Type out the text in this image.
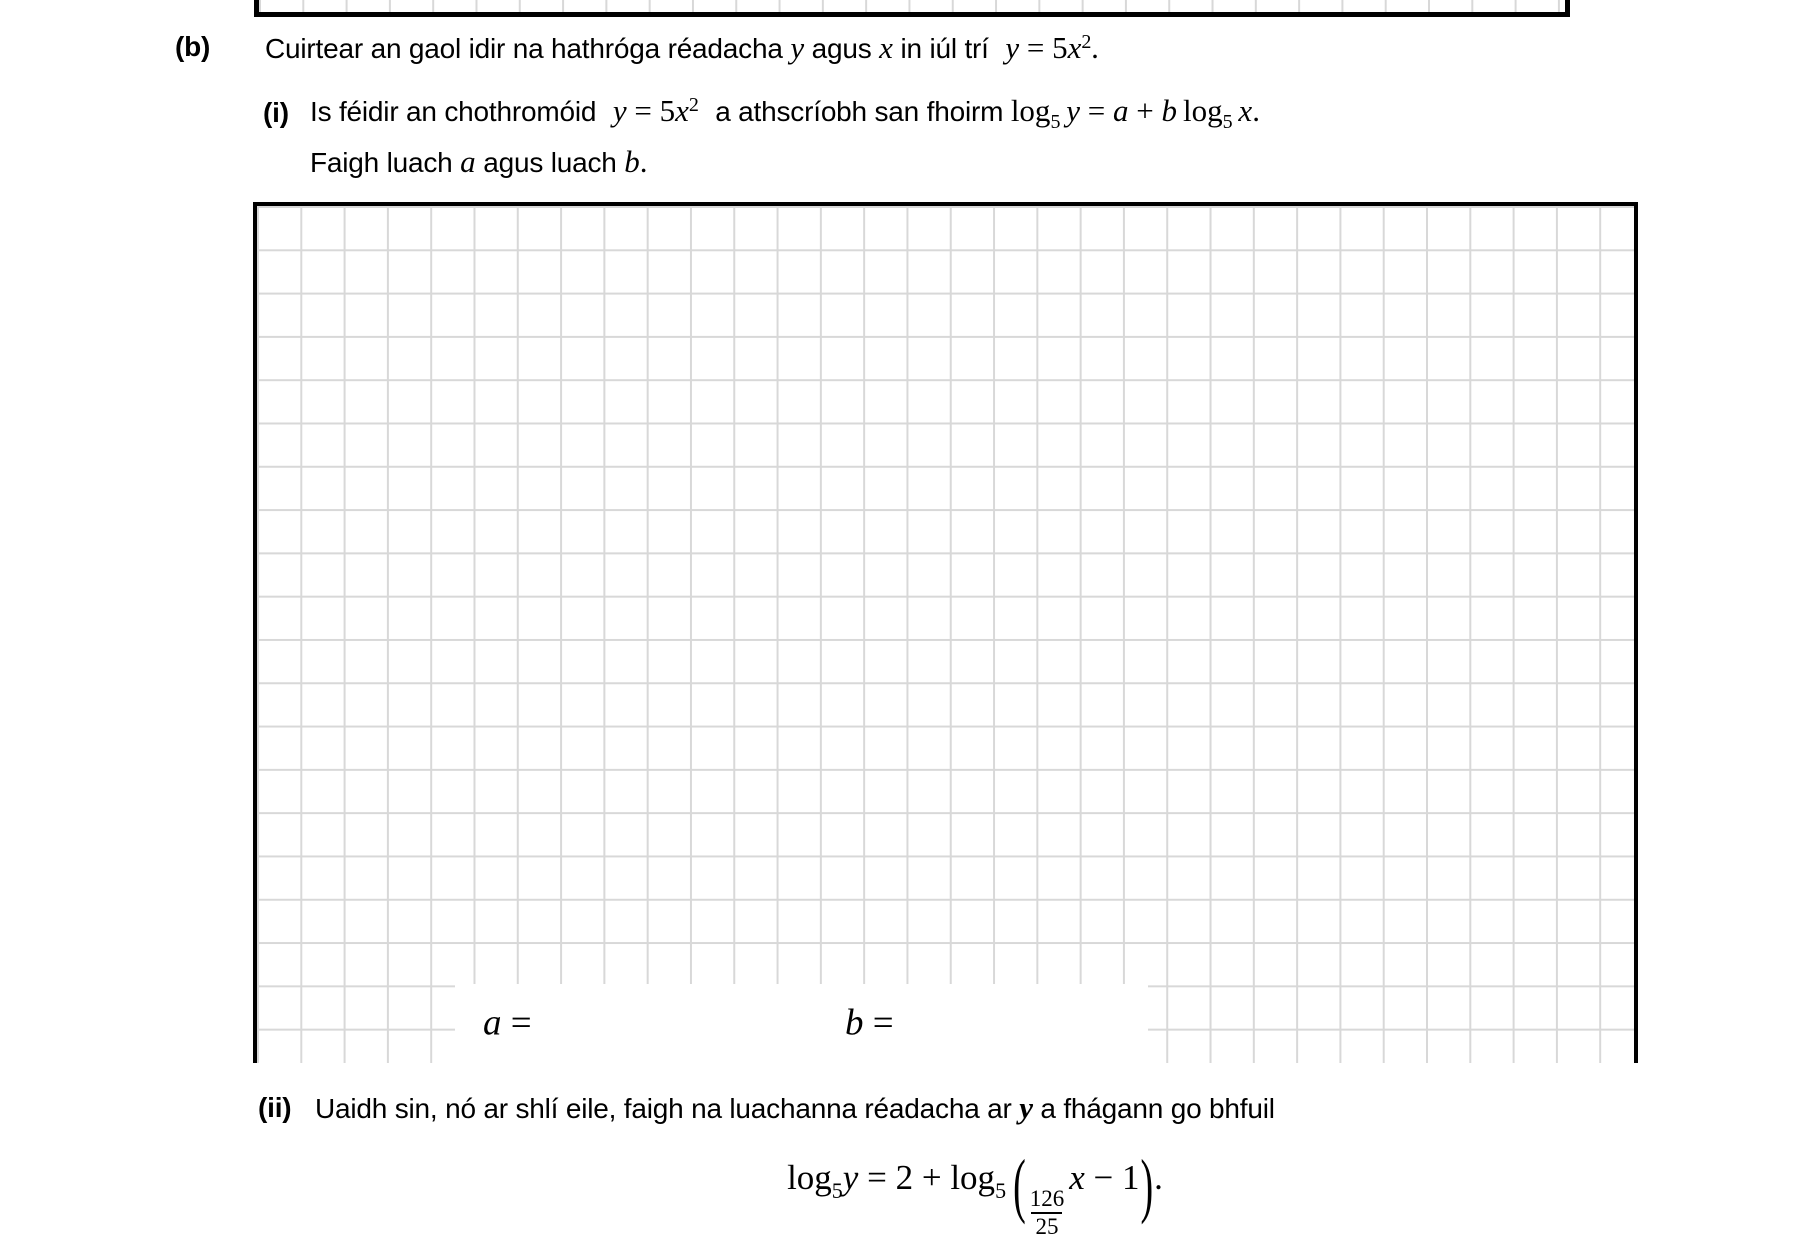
(b) Cuirtear an gaol idir na hathróga réadacha y agus x in iúl trí $y = 5x^2$.
(i) Is féidir an chothromóid $y = 5x^2$ a athscríobh san fhoirm $\log_5 y = a + b$ $\log_5 x$.
Faigh luach a agus luach b.
a =	b =
(ii) Uaidh sin, nó ar shlí eile, faigh na luachanna réadacha ar y a fhágann go bhfuil
$\log_5y = 2 + \log_5$ ( $\frac{126}{25}$
x − 1).
